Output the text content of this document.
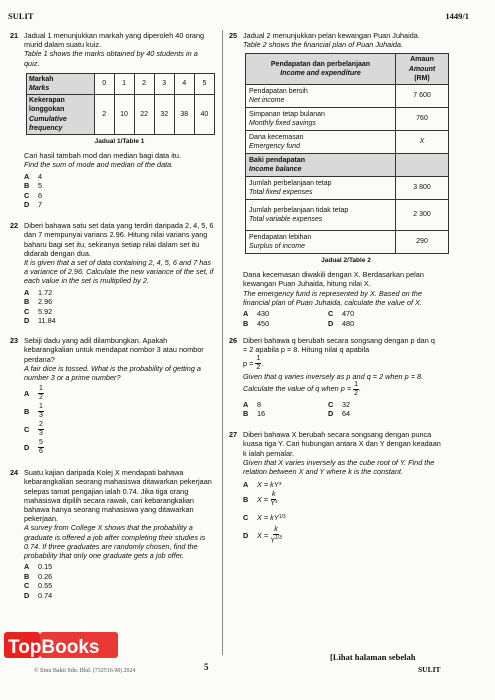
SULIT	1449/1
21 Jadual 1 menunjukkan markah yang diperoleh 40 orang murid dalam suatu kuiz.

Table 1 shows the marks obtained by 40 students in a quiz.

Markah
Marks	0	1	2	3	4	5
Kekerapan longgokan
Cumulative frequency	2	10	22	32	38	40
Jadual 1/Table 1

Cari hasil tambah mod dan median bagi data itu.

Find the sum of mode and median of the data.

A	4
B	5
C	6
D	7
22 Diberi bahawa satu set data yang terdiri daripada 2, 4, 5, 6 dan 7 mempunyai varians 2.96. Hitung nilai varians yang baharu bagi set itu, sekiranya setiap nilai dalam set itu didarab dengan dua.

It is given that a set of data containing 2, 4, 5, 6 and 7 has a variance of 2.96. Calculate the new variance of the set, if each value in the set is multiplied by 2.

A	1.72
B	2.96
C	5.92
D	11.84
23 Sebiji dadu yang adil dilambungkan. Apakah kebarangkalian untuk mendapat nombor 3 atau nombor perdana?

A fair dice is tossed. What is the probability of getting a number 3 or a prime number?

A	$\frac{1}{2}$
B	$\frac{1}{3}$
C	$\frac{2}{3}$
D	$\frac{5}{6}$
24 Suatu kajian daripada Kolej X mendapati bahawa kebarangkalian seorang mahasiswa ditawarkan pekerjaan selepas tamat pengajian ialah 0.74. Jika tiga orang mahasiswa dipilih secara rawak, cari kebarangkalian bahawa hanya seorang mahasiswa yang ditawarkan pekerjaan.

A survey from College X shows that the probability a graduate is offered a job after completing their studies is 0.74. If three graduates are randomly chosen, find the probability that only one graduate gets a job offer.

A	0.15
B	0.26
C	0.55
D	0.74
25 Jadual 2 menunjukkan pelan kewangan Puan Juhaida.

Table 2 shows the financial plan of Puan Juhaida.

Pendapatan dan perbelanjaan
Income and expenditure	Amaun
Amount
(RM)
Pendapatan bersih
Net income	7 600
Simpanan tetap bulanan
Monthly fixed savings	760
Dana kecemasan
Emergency fund	X
Baki pendapatan
Income balance	
Jumlah perbelanjaan tetap
Total fixed expenses	3 800
Jumlah perbelanjaan tidak tetap
Total variable expenses	2 300
Pendapatan lebihan
Surplus of income	290
Jadual 2/Table 2

Dana kecemasan diwakili dengan X. Berdasarkan pelan kewangan Puan Juhaida, hitung nilai X.

The emergency fund is represented by X. Based on the financial plan of Puan Juhaida, calculate the value of X.

A	430
B	450
C	470
D	480
26 Diberi bahawa q berubah secara songsang dengan p dan q = 2 apabila p = 8. Hitung nilai q apabila

p =
$\frac{1}{2}$ .

Given that q varies inversely as p and q = 2 when p = 8. Calculate the value of q when $p = \frac{1}{2}$ .

A	8
B	16
C	32
D	64
27 Diberi bahawa X berubah secara songsang dengan punca kuasa tiga Y. Cari hubungan antara X dan Y dengan keadaan k ialah pemalar.

Given that X varies inversely as the cube root of Y. Find the relation between X and Y where k is the constant.

A	X = kY³
B	X =
$\frac{k}{\text{Y³}}$
C	X = kY 1/3
D	X =
$\frac{k}{Y^{1/3}}$
TopBooks
© Ilmu Bakti Sdn. Bhd. (732516-M) 2024	5
[Lihat halaman sebelah
SULIT
